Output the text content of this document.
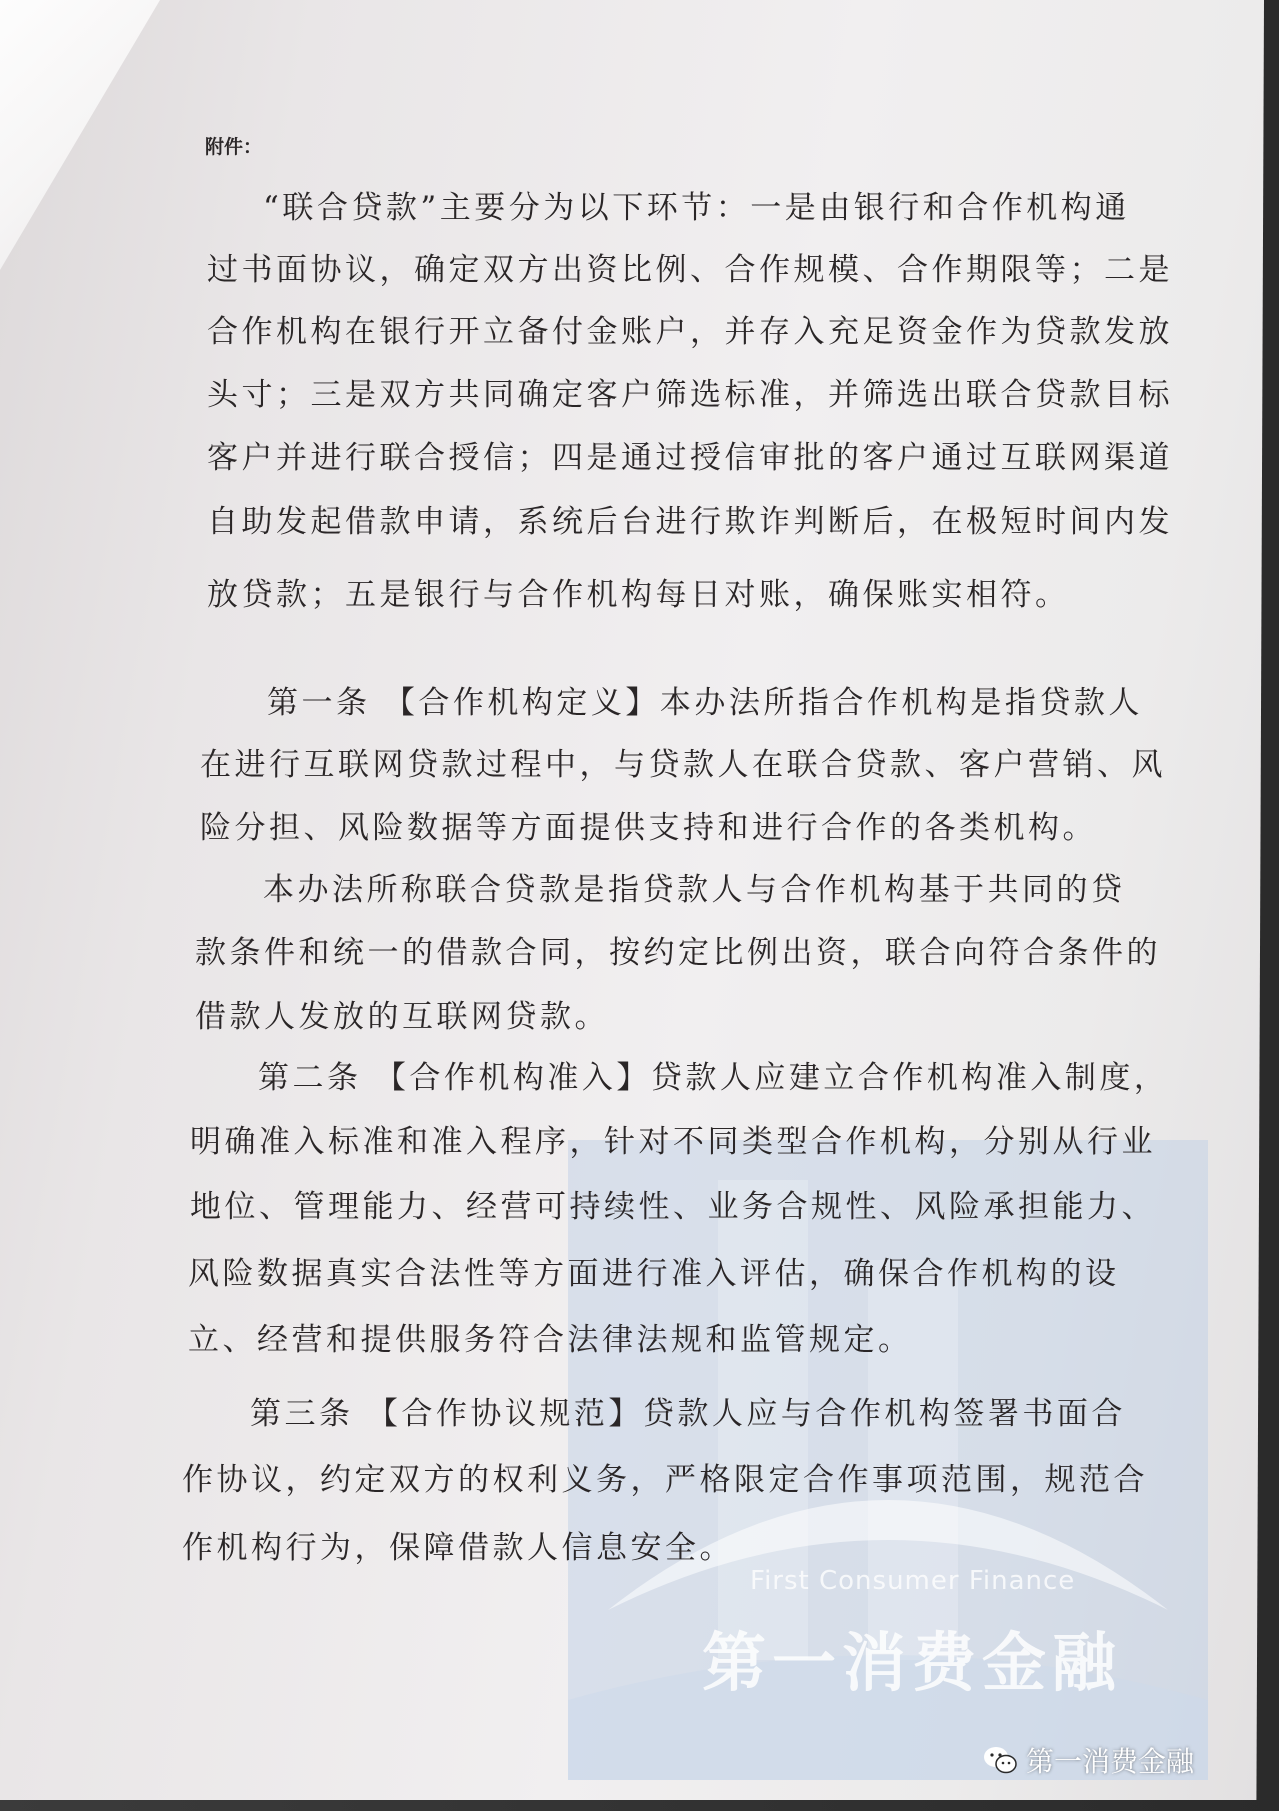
附件：
“联合贷款”主要分为以下环节：一是由银行和合作机构通
过书面协议，确定双方出资比例、合作规模、合作期限等；二是
合作机构在银行开立备付金账户，并存入充足资金作为贷款发放
头寸；三是双方共同确定客户筛选标准，并筛选出联合贷款目标
客户并进行联合授信；四是通过授信审批的客户通过互联网渠道
自助发起借款申请，系统后台进行欺诈判断后，在极短时间内发
放贷款；五是银行与合作机构每日对账，确保账实相符。
第一条 【合作机构定义】本办法所指合作机构是指贷款人
在进行互联网贷款过程中，与贷款人在联合贷款、客户营销、风
险分担、风险数据等方面提供支持和进行合作的各类机构。
本办法所称联合贷款是指贷款人与合作机构基于共同的贷
款条件和统一的借款合同，按约定比例出资，联合向符合条件的
借款人发放的互联网贷款。
第二条 【合作机构准入】贷款人应建立合作机构准入制度，
明确准入标准和准入程序，针对不同类型合作机构，分别从行业
地位、管理能力、经营可持续性、业务合规性、风险承担能力、
风险数据真实合法性等方面进行准入评估，确保合作机构的设
立、经营和提供服务符合法律法规和监管规定。
第三条 【合作协议规范】贷款人应与合作机构签署书面合
作协议，约定双方的权利义务，严格限定合作事项范围，规范合
作机构行为，保障借款人信息安全。
First Consumer Finance
第一消费金融
第一消费金融
